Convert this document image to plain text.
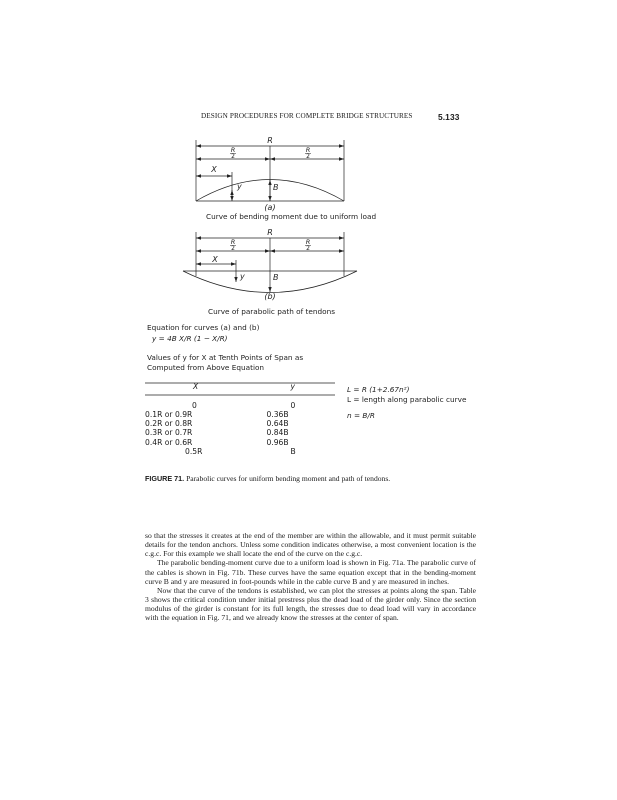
DESIGN PROCEDURES FOR COMPLETE BRIDGE STRUCTURES	5.133
R
R
2
R
2
X
y	B
(a)
Curve of bending moment due to uniform load
R
R
2
R
2
X
y	B
(b)
Curve of parabolic path of tendons
Equation for curves (a) and (b)
y = 4B X/R (1 − X/R)
Values of y for X at Tenth Points of Span as
Computed from Above Equation
L = R (1+2.67n²)
L = length along parabolic curve
n = B/R
X	y

0	0
0.1R or 0.9R	0.36B
0.2R or 0.8R	0.64B
0.3R or 0.7R	0.84B
0.4R or 0.6R	0.96B
0.5R	B
FIGURE 71. Parabolic curves for uniform bending moment and path of tendons.

so that the stresses it creates at the end of the member are within the allowable, and it must permit suitable details for the tendon anchors. Unless some condition indicates otherwise, a most convenient location is the c.g.c. For this example we shall locate the end of the curve on the c.g.c.

The parabolic bending-moment curve due to a uniform load is shown in Fig. 71a. The parabolic curve of the cables is shown in Fig. 71b. These curves have the same equation except that in the bending-moment curve B and y are measured in foot-pounds while in the cable curve B and y are measured in inches.

Now that the curve of the tendons is established, we can plot the stresses at points along the span. Table 3 shows the critical condition under initial prestress plus the dead load of the girder only. Since the section modulus of the girder is constant for its full length, the stresses due to dead load will vary in accordance with the equation in Fig. 71, and we already know the stresses at the center of span.
